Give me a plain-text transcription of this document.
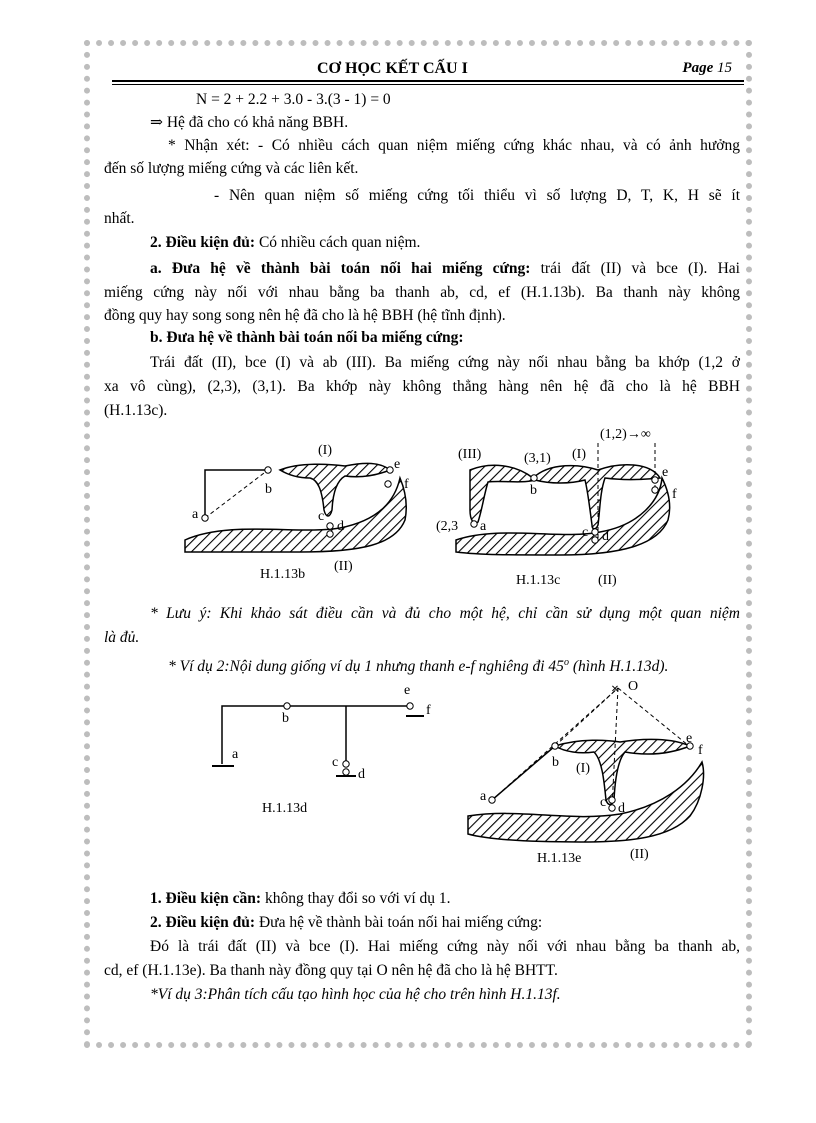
CƠ HỌC KẾT CẤU I	Page 15
N = 2 + 2.2 + 3.0 - 3.(3 - 1) = 0
⇒ Hệ đã cho có khả năng BBH.
* Nhận xét: - Có nhiều cách quan niệm miếng cứng khác nhau, và có ảnh hưởng
đến số lượng miếng cứng và các liên kết.
- Nên quan niệm số miếng cứng tối thiểu vì số lượng D, T, K, H sẽ ít
nhất.
2. Điều kiện đủ: Có nhiều cách quan niệm.
a. Đưa hệ về thành bài toán nối hai miếng cứng: trái đất (II) và bce (I). Hai
miếng cứng này nối với nhau bằng ba thanh ab, cd, ef (H.1.13b). Ba thanh này không
đồng quy hay song song nên hệ đã cho là hệ BBH (hệ tĩnh định).
b. Đưa hệ về thành bài toán nối ba miếng cứng:
Trái đất (II), bce (I) và ab (III). Ba miếng cứng này nối nhau bằng ba khớp (1,2 ở
xa vô cùng), (2,3), (3,1). Ba khớp này không thẳng hàng nên hệ đã cho là hệ BBH
(H.1.13c).
(I)
e
b	f
a	c
d
H.1.13b
(II)
(1,2)→∞
(III)	(3,1) (I)
e
b	f
(2,3 a	c d
H.1.13c	(II)
* Lưu ý: Khi khảo sát điều cần và đủ cho một hệ, chỉ cần sử dụng một quan niệm
là đủ.
* Ví dụ 2:Nội dung giống ví dụ 1 nhưng thanh e-f nghiêng đi 45$^o$ (hình H.1.13d).
e
f
b
a
c
d
H.1.13d
× O
e
f
b (I)
a	c d
H.1.13e	(II)
1. Điều kiện cần: không thay đổi so với ví dụ 1.
2. Điều kiện đủ: Đưa hệ về thành bài toán nối hai miếng cứng:
Đó là trái đất (II) và bce (I). Hai miếng cứng này nối với nhau bằng ba thanh ab,
cd, ef (H.1.13e). Ba thanh này đồng quy tại O nên hệ đã cho là hệ BHTT.
*Ví dụ 3:Phân tích cấu tạo hình học của hệ cho trên hình H.1.13f.
